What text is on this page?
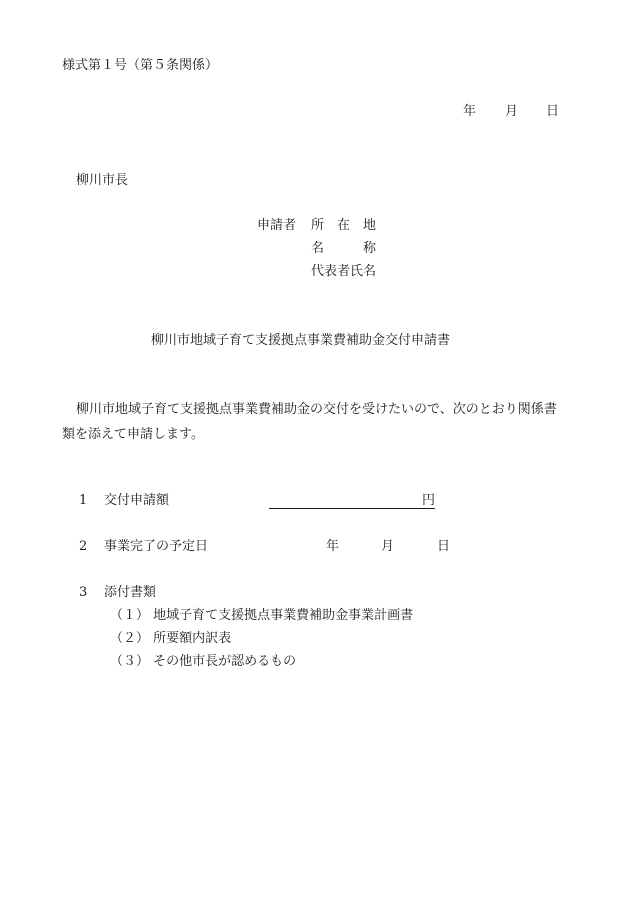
様式第１号（第５条関係）
年 月 日
柳川市長
申請者 所　在　地
名　　　称
代表者氏名
柳川市地域子育て支援拠点事業費補助金交付申請書
柳川市地域子育て支援拠点事業費補助金の交付を受けたいので、次のとおり関係書類を添えて申請します。
1 交付申請額	円
2 事業完了の予定日	年	月	日
3 添付書類
（１） 地域子育て支援拠点事業費補助金事業計画書
（２） 所要額内訳表
（３） その他市長が認めるもの
